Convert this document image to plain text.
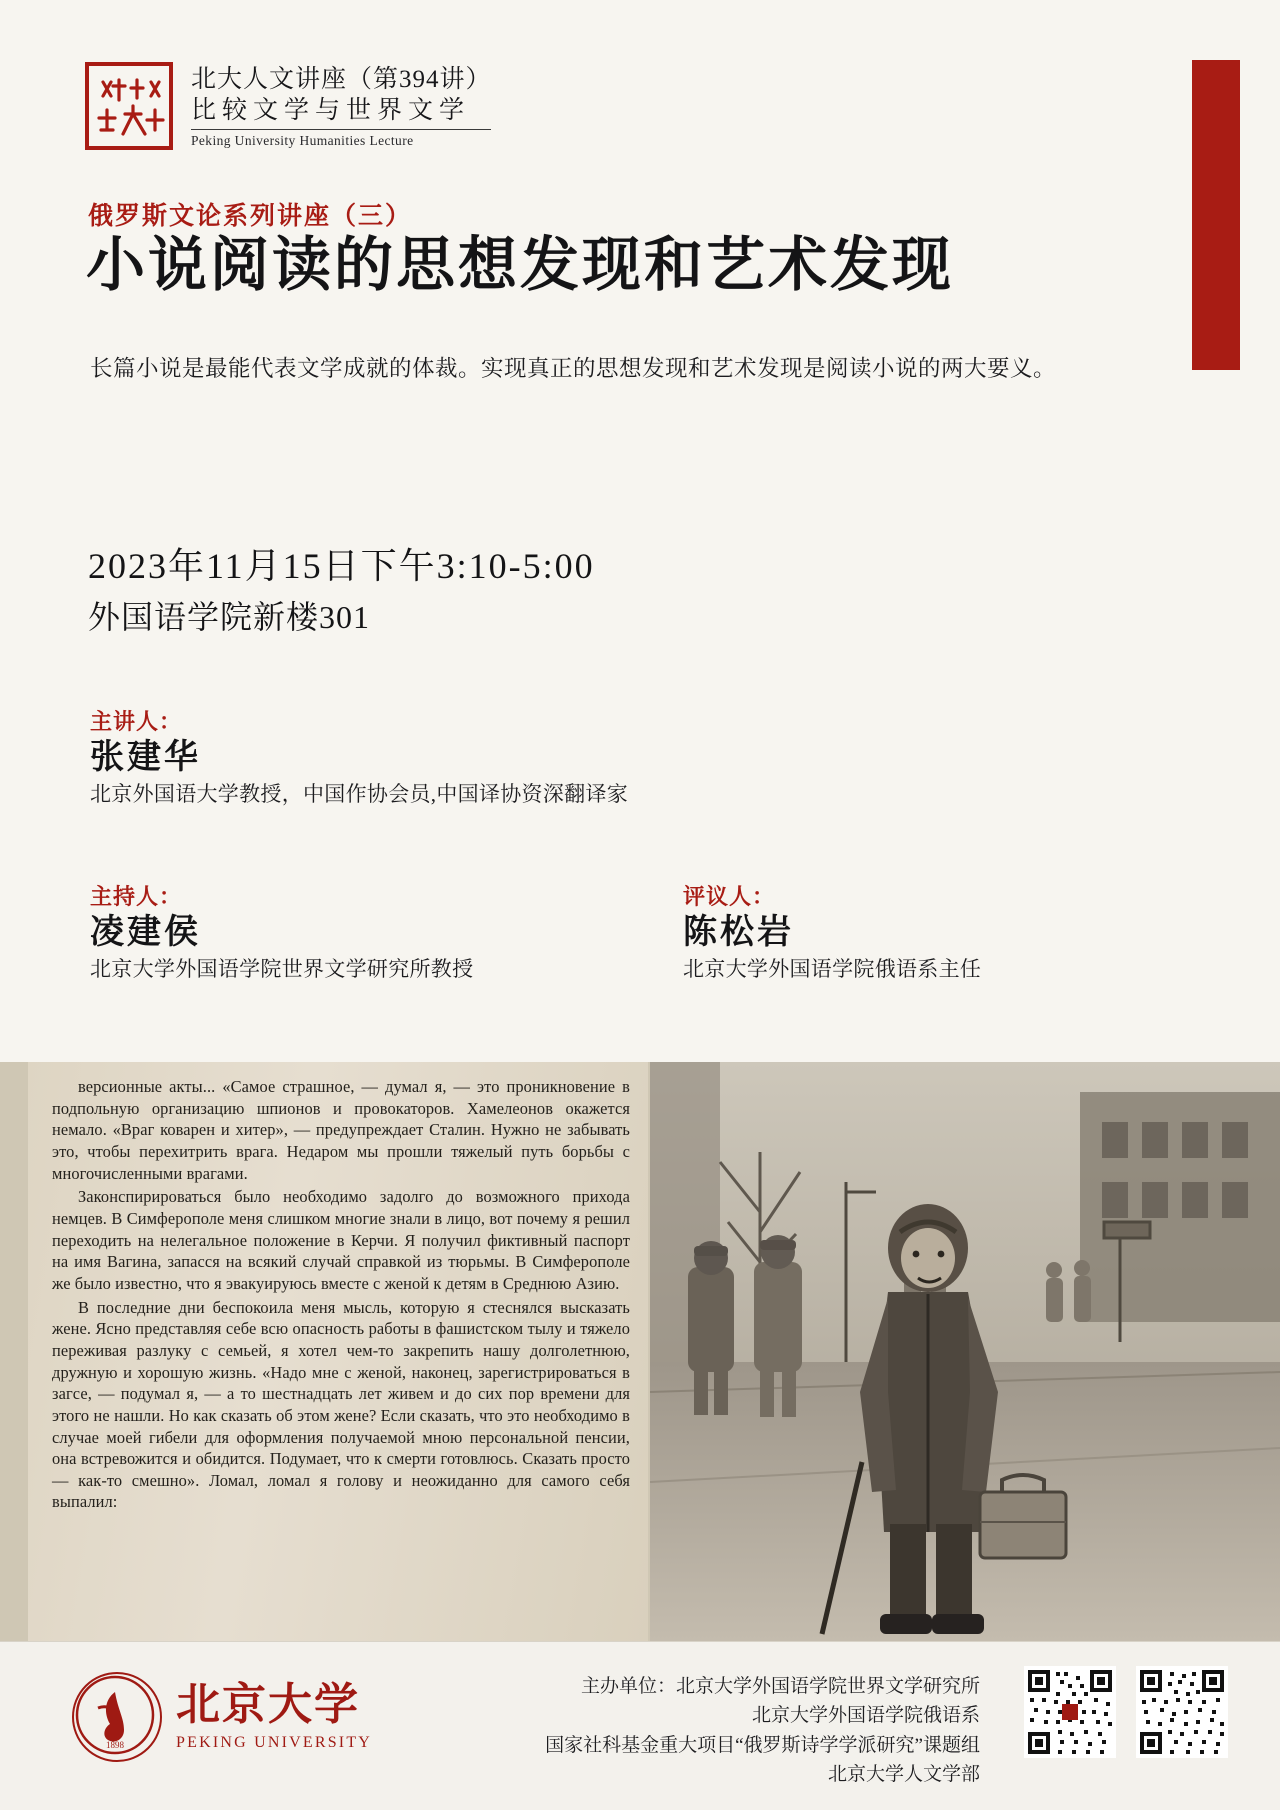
北大人文讲座（第394讲）
比较文学与世界文学
Peking University Humanities Lecture
俄罗斯文论系列讲座（三）
小说阅读的思想发现和艺术发现
长篇小说是最能代表文学成就的体裁。实现真正的思想发现和艺术发现是阅读小说的两大要义。
2023年11月15日下午3:10-5:00
外国语学院新楼301
主讲人：
张建华
北京外国语大学教授，中国作协会员,中国译协资深翻译家
主持人：
凌建侯
北京大学外国语学院世界文学研究所教授
评议人：
陈松岩
北京大学外国语学院俄语系主任

версионные акты... «Самое страшное, — думал я, — это проникновение в подпольную организацию шпионов и провокаторов. Хамелеонов окажется немало. «Враг коварен и хитер», — предупреждает Сталин. Нужно не забывать это, чтобы перехитрить врага. Недаром мы прошли тяжелый путь борьбы с многочисленными врагами.

Законспирироваться было необходимо задолго до возможного прихода немцев. В Симферополе меня слишком многие знали в лицо, вот почему я решил переходить на нелегальное положение в Керчи. Я получил фиктивный паспорт на имя Вагина, запасся на всякий случай справкой из тюрьмы. В Симферополе же было известно, что я эвакуируюсь вместе с женой к детям в Среднюю Азию.

В последние дни беспокоила меня мысль, которую я стеснялся высказать жене. Ясно представляя себе всю опасность работы в фашистском тылу и тяжело переживая разлуку с семьей, я хотел чем-то закрепить нашу долголетнюю, дружную и хорошую жизнь. «Надо мне с женой, наконец, зарегистрироваться в загсе, — подумал я, — а то шестнадцать лет живем и до сих пор времени для этого не нашли. Но как сказать об этом жене? Если сказать, что это необходимо в случае моей гибели для оформления получаемой мною персональной пенсии, она встревожится и обидится. Подумает, что к смерти готовлюсь. Сказать просто — как-то смешно». Ломал, ломал я голову и неожиданно для самого себя выпалил:

1898
北京大学
PEKING UNIVERSITY
主办单位：北京大学外国语学院世界文学研究所
北京大学外国语学院俄语系
国家社科基金重大项目“俄罗斯诗学学派研究”课题组
北京大学人文学部
